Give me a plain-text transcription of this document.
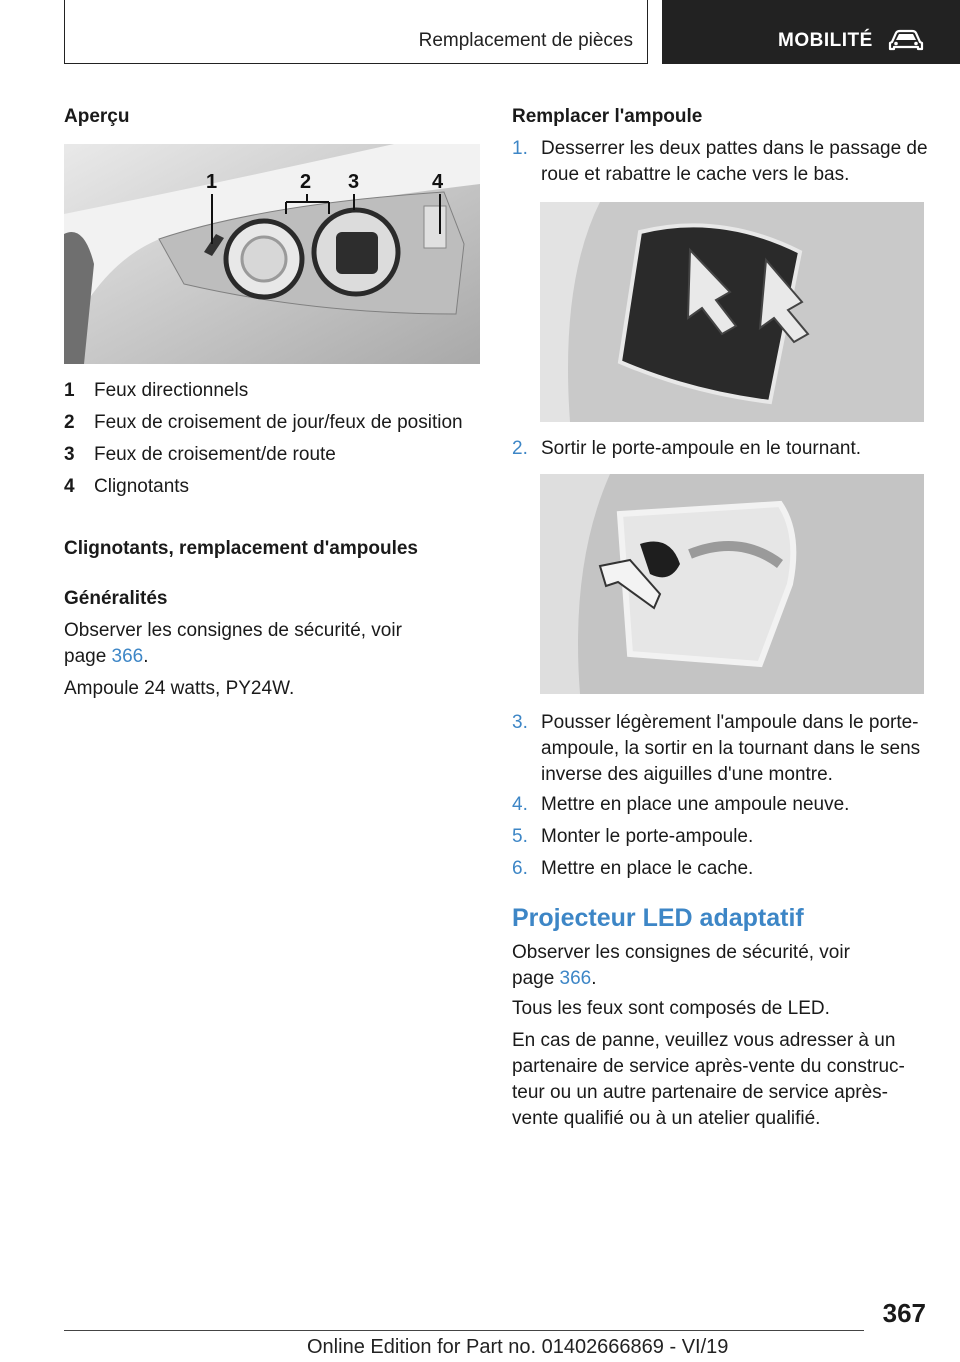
Remplacement de pièces	MOBILITÉ
Aperçu
1	2 3	4
1 Feux directionnels
2 Feux de croisement de jour/feux de position
3 Feux de croisement/de route
4 Clignotants
Clignotants, remplacement d'ampoules
Généralités
Observer les consignes de sécurité, voir
page 366.
Ampoule 24 watts, PY24W.
Remplacer l'ampoule
1. Desserrer les deux pattes dans le passage de roue et rabattre le cache vers le bas.
2. Sortir le porte-ampoule en le tournant.
3. Pousser légèrement l'ampoule dans le porte-ampoule, la sortir en la tournant dans le sens inverse des aiguilles d'une montre.
4. Mettre en place une ampoule neuve.
5. Monter le porte-ampoule.
6. Mettre en place le cache.
Projecteur LED adaptatif
Observer les consignes de sécurité, voir
page 366.
Tous les feux sont composés de LED.
En cas de panne, veuillez vous adresser à un
partenaire de service après-vente du construc-
teur ou un autre partenaire de service après-
vente qualifié ou à un atelier qualifié.
367
Online Edition for Part no. 01402666869 - VI/19
